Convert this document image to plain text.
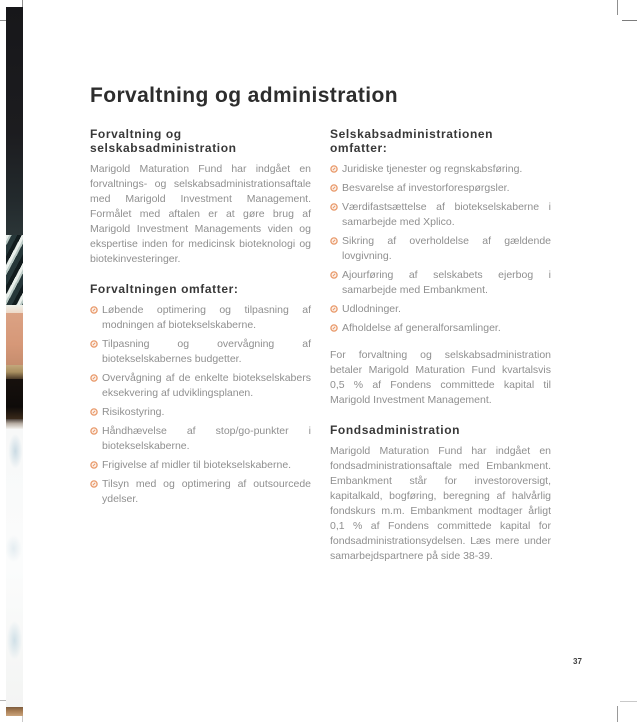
Forvaltning og administration
Forvaltning og selskabsadministration

Marigold Maturation Fund har indgået en forvaltnings- og selskabsadministrationsaftale med Marigold Investment Management. Formålet med aftalen er at gøre brug af Marigold Investment Managements viden og ekspertise inden for medicinsk bioteknologi og biotekinvesteringer.

Forvaltningen omfatter:
Løbende optimering og tilpasning af modningen af biotekselskaberne.
Tilpasning og overvågning af biotekselskabernes budgetter.
Overvågning af de enkelte biotekselskabers eksekvering af udviklingsplanen.
Risikostyring.
Håndhævelse af stop/go-punkter i biotekselskaberne.
Frigivelse af midler til biotekselskaberne.
Tilsyn med og optimering af outsourcede ydelser.
Selskabsadministrationen omfatter:
Juridiske tjenester og regnskabsføring.
Besvarelse af investorforespørgsler.
Værdifastsættelse af biotekselskaberne i samarbejde med Xplico.
Sikring af overholdelse af gældende lovgivning.
Ajourføring af selskabets ejerbog i samarbejde med Embankment.
Udlodninger.
Afholdelse af generalforsamlinger.

For forvaltning og selskabsadministration betaler Marigold Maturation Fund kvartalsvis 0,5 % af Fondens committede kapital til Marigold Investment Management.

Fondsadministration

Marigold Maturation Fund har indgået en fondsadministrationsaftale med Embankment. Embankment står for investoroversigt, kapitalkald, bogføring, beregning af halvårlig fondskurs m.m. Embankment modtager årligt 0,1 % af Fondens committede kapital for fondsadministrationsydelsen. Læs mere under samarbejdspartnere på side 38-39.

37
